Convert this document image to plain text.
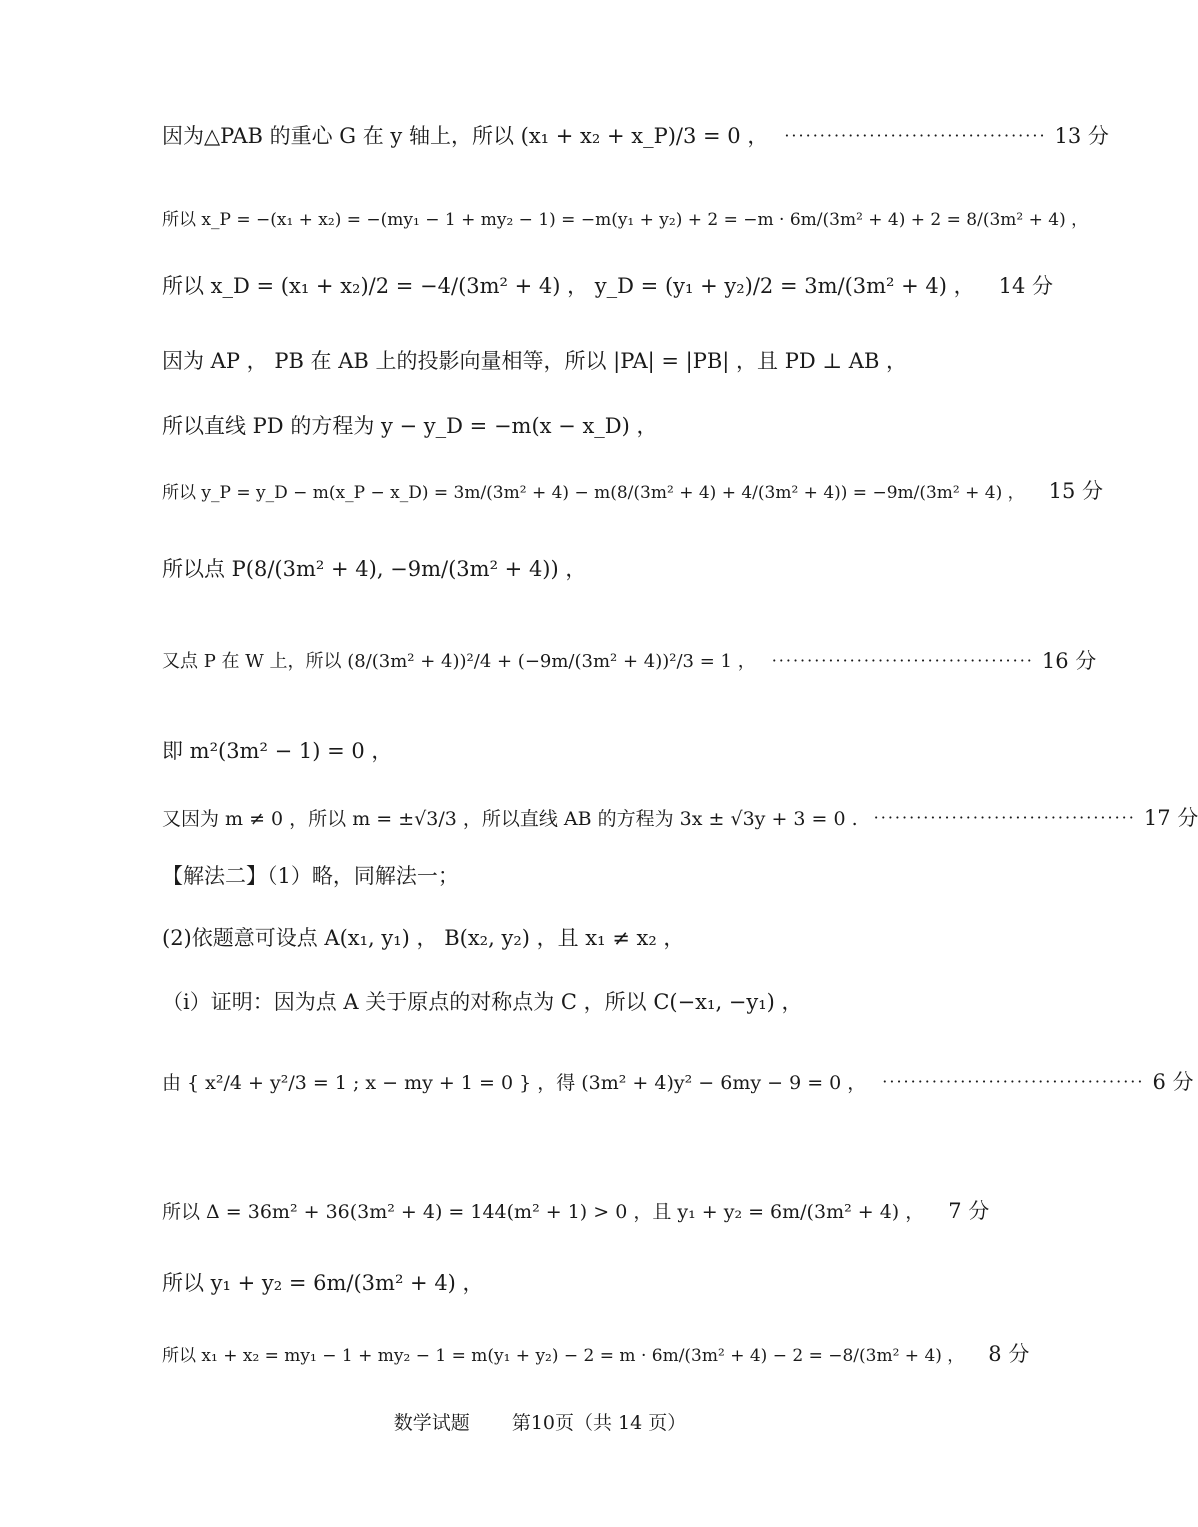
因为△PAB 的重心 G 在 y 轴上，所以 (x₁ + x₂ + x_P)/3 = 0 ， ····································· 13 分
所以 x_P = −(x₁ + x₂) = −(my₁ − 1 + my₂ − 1) = −m(y₁ + y₂) + 2 = −m · 6m/(3m² + 4) + 2 = 8/(3m² + 4) ，
所以 x_D = (x₁ + x₂)/2 = −4/(3m² + 4) ， y_D = (y₁ + y₂)/2 = 3m/(3m² + 4) ， 14 分
因为 AP ， PB 在 AB 上的投影向量相等，所以 |PA| = |PB| ，且 PD ⊥ AB ，
所以直线 PD 的方程为 y − y_D = −m(x − x_D) ，
所以 y_P = y_D − m(x_P − x_D) = 3m/(3m² + 4) − m(8/(3m² + 4) + 4/(3m² + 4)) = −9m/(3m² + 4) ， 15 分
所以点 P(8/(3m² + 4), −9m/(3m² + 4)) ，
又点 P 在 W 上，所以 (8/(3m² + 4))²/4 + (−9m/(3m² + 4))²/3 = 1 ， ····································· 16 分
即 m²(3m² − 1) = 0 ，
又因为 m ≠ 0 ，所以 m = ±√3/3 ，所以直线 AB 的方程为 3x ± √3y + 3 = 0 . ····································· 17 分
【解法二】（1）略，同解法一；
(2)依题意可设点 A(x₁, y₁) ， B(x₂, y₂) ，且 x₁ ≠ x₂ ，
（ⅰ）证明：因为点 A 关于原点的对称点为 C ，所以 C(−x₁, −y₁) ，
由 { x²/4 + y²/3 = 1 ; x − my + 1 = 0 } ，得 (3m² + 4)y² − 6my − 9 = 0 ， ····································· 6 分
所以 Δ = 36m² + 36(3m² + 4) = 144(m² + 1) > 0 ，且 y₁ + y₂ = 6m/(3m² + 4) ， 7 分
所以 y₁ + y₂ = 6m/(3m² + 4) ，
所以 x₁ + x₂ = my₁ − 1 + my₂ − 1 = m(y₁ + y₂) − 2 = m · 6m/(3m² + 4) − 2 = −8/(3m² + 4) ， 8 分
数学试题 第10页（共 14 页）
